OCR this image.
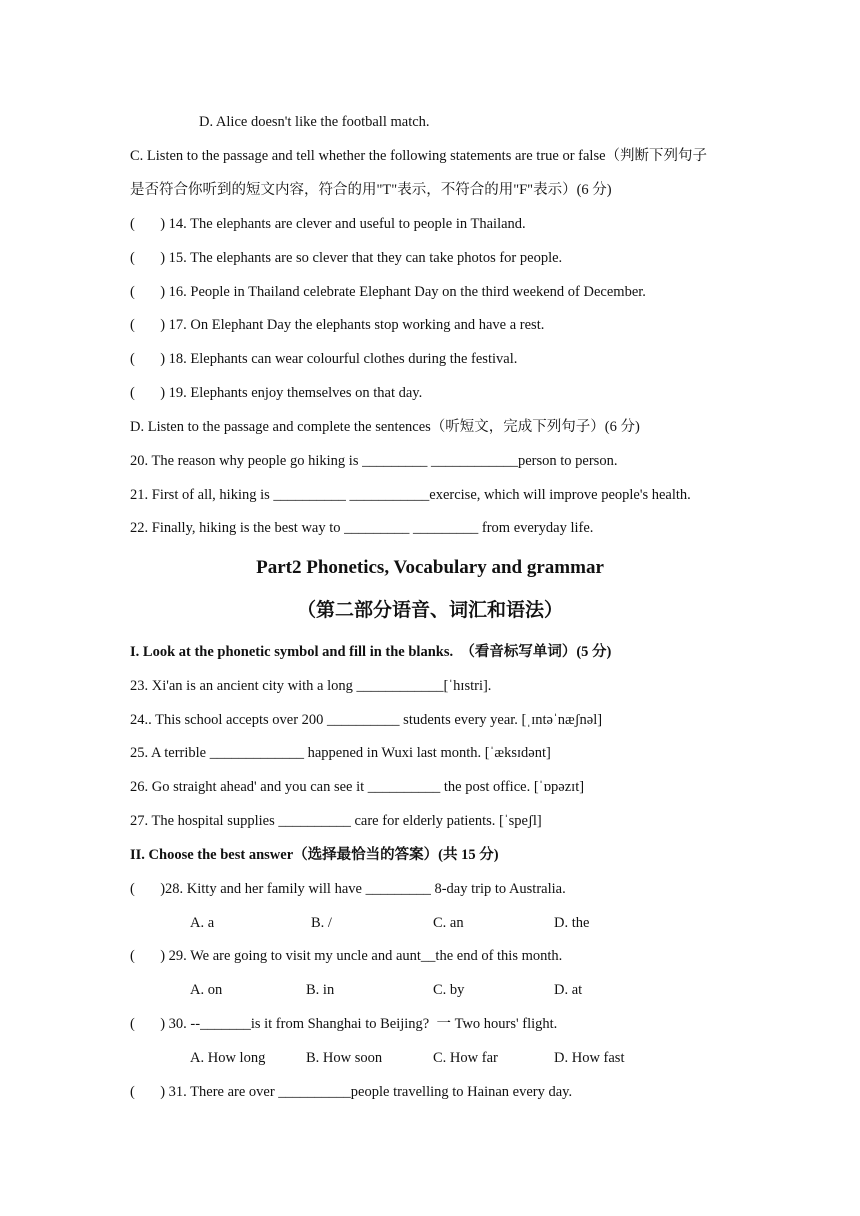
D. Alice doesn't like the football match.
C. Listen to the passage and tell whether the following statements are true or false（判断下列句子
是否符合你听到的短文内容，符合的用"T"表示，不符合的用"F"表示）(6 分)
(       ) 14. The elephants are clever and useful to people in Thailand.
(       ) 15. The elephants are so clever that they can take photos for people.
(       ) 16. People in Thailand celebrate Elephant Day on the third weekend of December.
(       ) 17. On Elephant Day the elephants stop working and have a rest.
(       ) 18. Elephants can wear colourful clothes during the festival.
(       ) 19. Elephants enjoy themselves on that day.
D. Listen to the passage and complete the sentences（听短文，完成下列句子）(6 分)
20. The reason why people go hiking is _________ ____________person to person.
21. First of all, hiking is __________ ___________exercise, which will improve people's health.
22. Finally, hiking is the best way to _________ _________ from everyday life.
Part2 Phonetics, Vocabulary and grammar
（第二部分语音、词汇和语法）
I. Look at the phonetic symbol and fill in the blanks.  （看音标写单词）(5 分)
23. Xi'an is an ancient city with a long ____________[ˈhɪstri].
24.. This school accepts over 200 __________ students every year. [ˌɪntəˈnæʃnəl]
25. A terrible _____________ happened in Wuxi last month. [ˈæksɪdənt]
26. Go straight ahead' and you can see it __________ the post office. [ˈɒpəzɪt]
27. The hospital supplies __________ care for elderly patients. [ˈspeʃl]
II. Choose the best answer（选择最恰当的答案）(共 15 分)
(       )28. Kitty and her family will have _________ 8-day trip to Australia.
A. a	B. /	C. an	D. the
(       ) 29. We are going to visit my uncle and aunt__the end of this month.
A. on	B. in	C. by	D. at
(       ) 30. --_______is it from Shanghai to Beijing?  一 Two hours' flight.
A. How long	B. How soon	C. How far	D. How fast
(       ) 31. There are over __________people travelling to Hainan every day.
